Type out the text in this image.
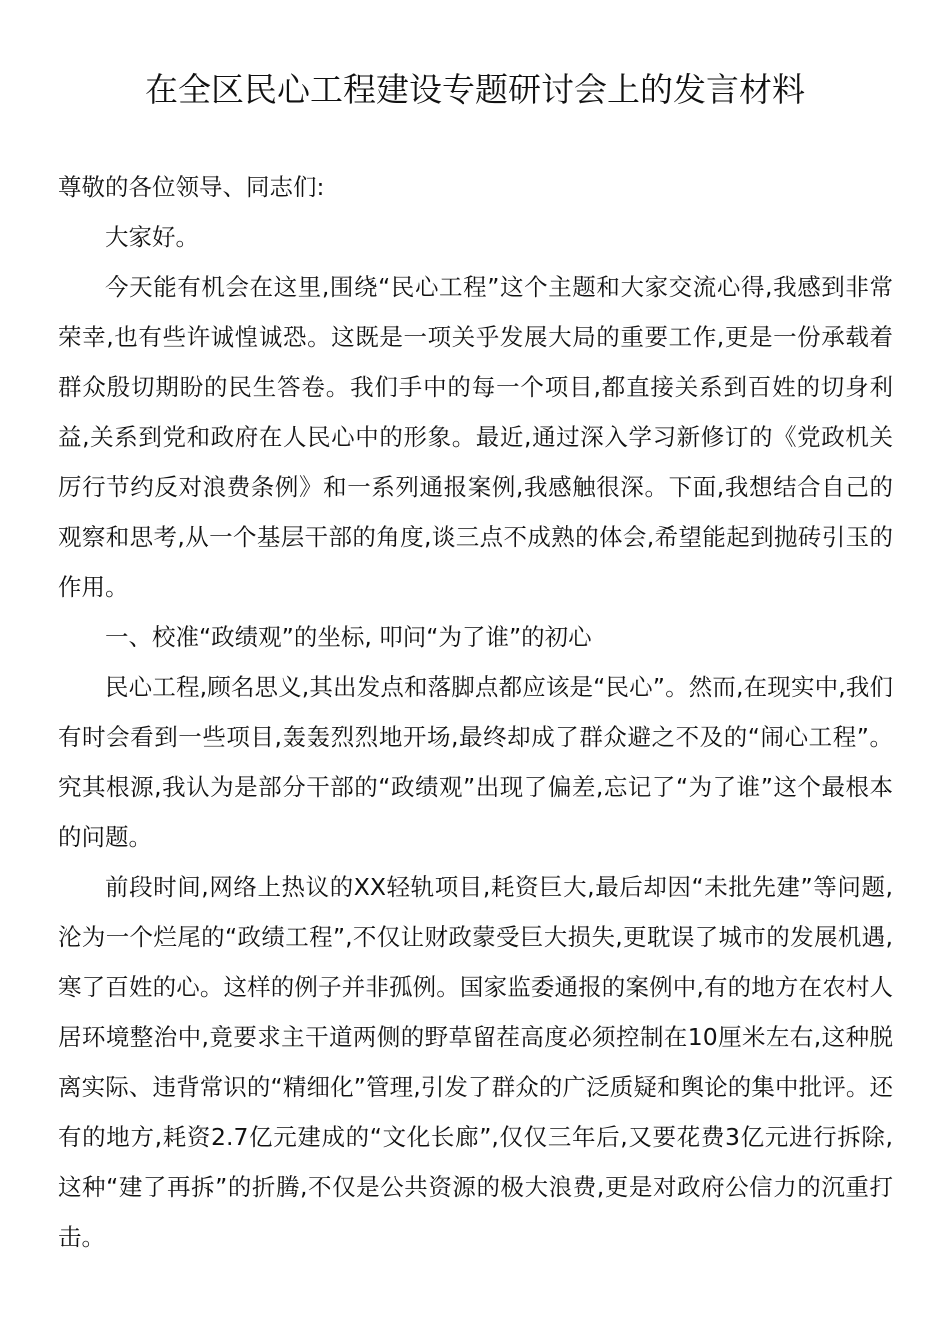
在全区民心工程建设专题研讨会上的发言材料

尊敬的各位领导、同志们:

大家好。

今天能有机会在这里,围绕“民心工程”这个主题和大家交流心得,我感到非常荣幸,也有些许诚惶诚恐。这既是一项关乎发展大局的重要工作,更是一份承载着群众殷切期盼的民生答卷。我们手中的每一个项目,都直接关系到百姓的切身利益,关系到党和政府在人民心中的形象。最近,通过深入学习新修订的《党政机关厉行节约反对浪费条例》和一系列通报案例,我感触很深。下面,我想结合自己的观察和思考,从一个基层干部的角度,谈三点不成熟的体会,希望能起到抛砖引玉的作用。

一、校准“政绩观”的坐标, 叩问“为了谁”的初心

民心工程,顾名思义,其出发点和落脚点都应该是“民心”。然而,在现实中,我们有时会看到一些项目,轰轰烈烈地开场,最终却成了群众避之不及的“闹心工程”。究其根源,我认为是部分干部的“政绩观”出现了偏差,忘记了“为了谁”这个最根本的问题。

前段时间,网络上热议的XX轻轨项目,耗资巨大,最后却因“未批先建”等问题,沦为一个烂尾的“政绩工程”,不仅让财政蒙受巨大损失,更耽误了城市的发展机遇,寒了百姓的心。这样的例子并非孤例。国家监委通报的案例中,有的地方在农村人居环境整治中,竟要求主干道两侧的野草留茬高度必须控制在10厘米左右,这种脱离实际、违背常识的“精细化”管理,引发了群众的广泛质疑和舆论的集中批评。还有的地方,耗资2.7亿元建成的“文化长廊”,仅仅三年后,又要花费3亿元进行拆除,这种“建了再拆”的折腾,不仅是公共资源的极大浪费,更是对政府公信力的沉重打击。
